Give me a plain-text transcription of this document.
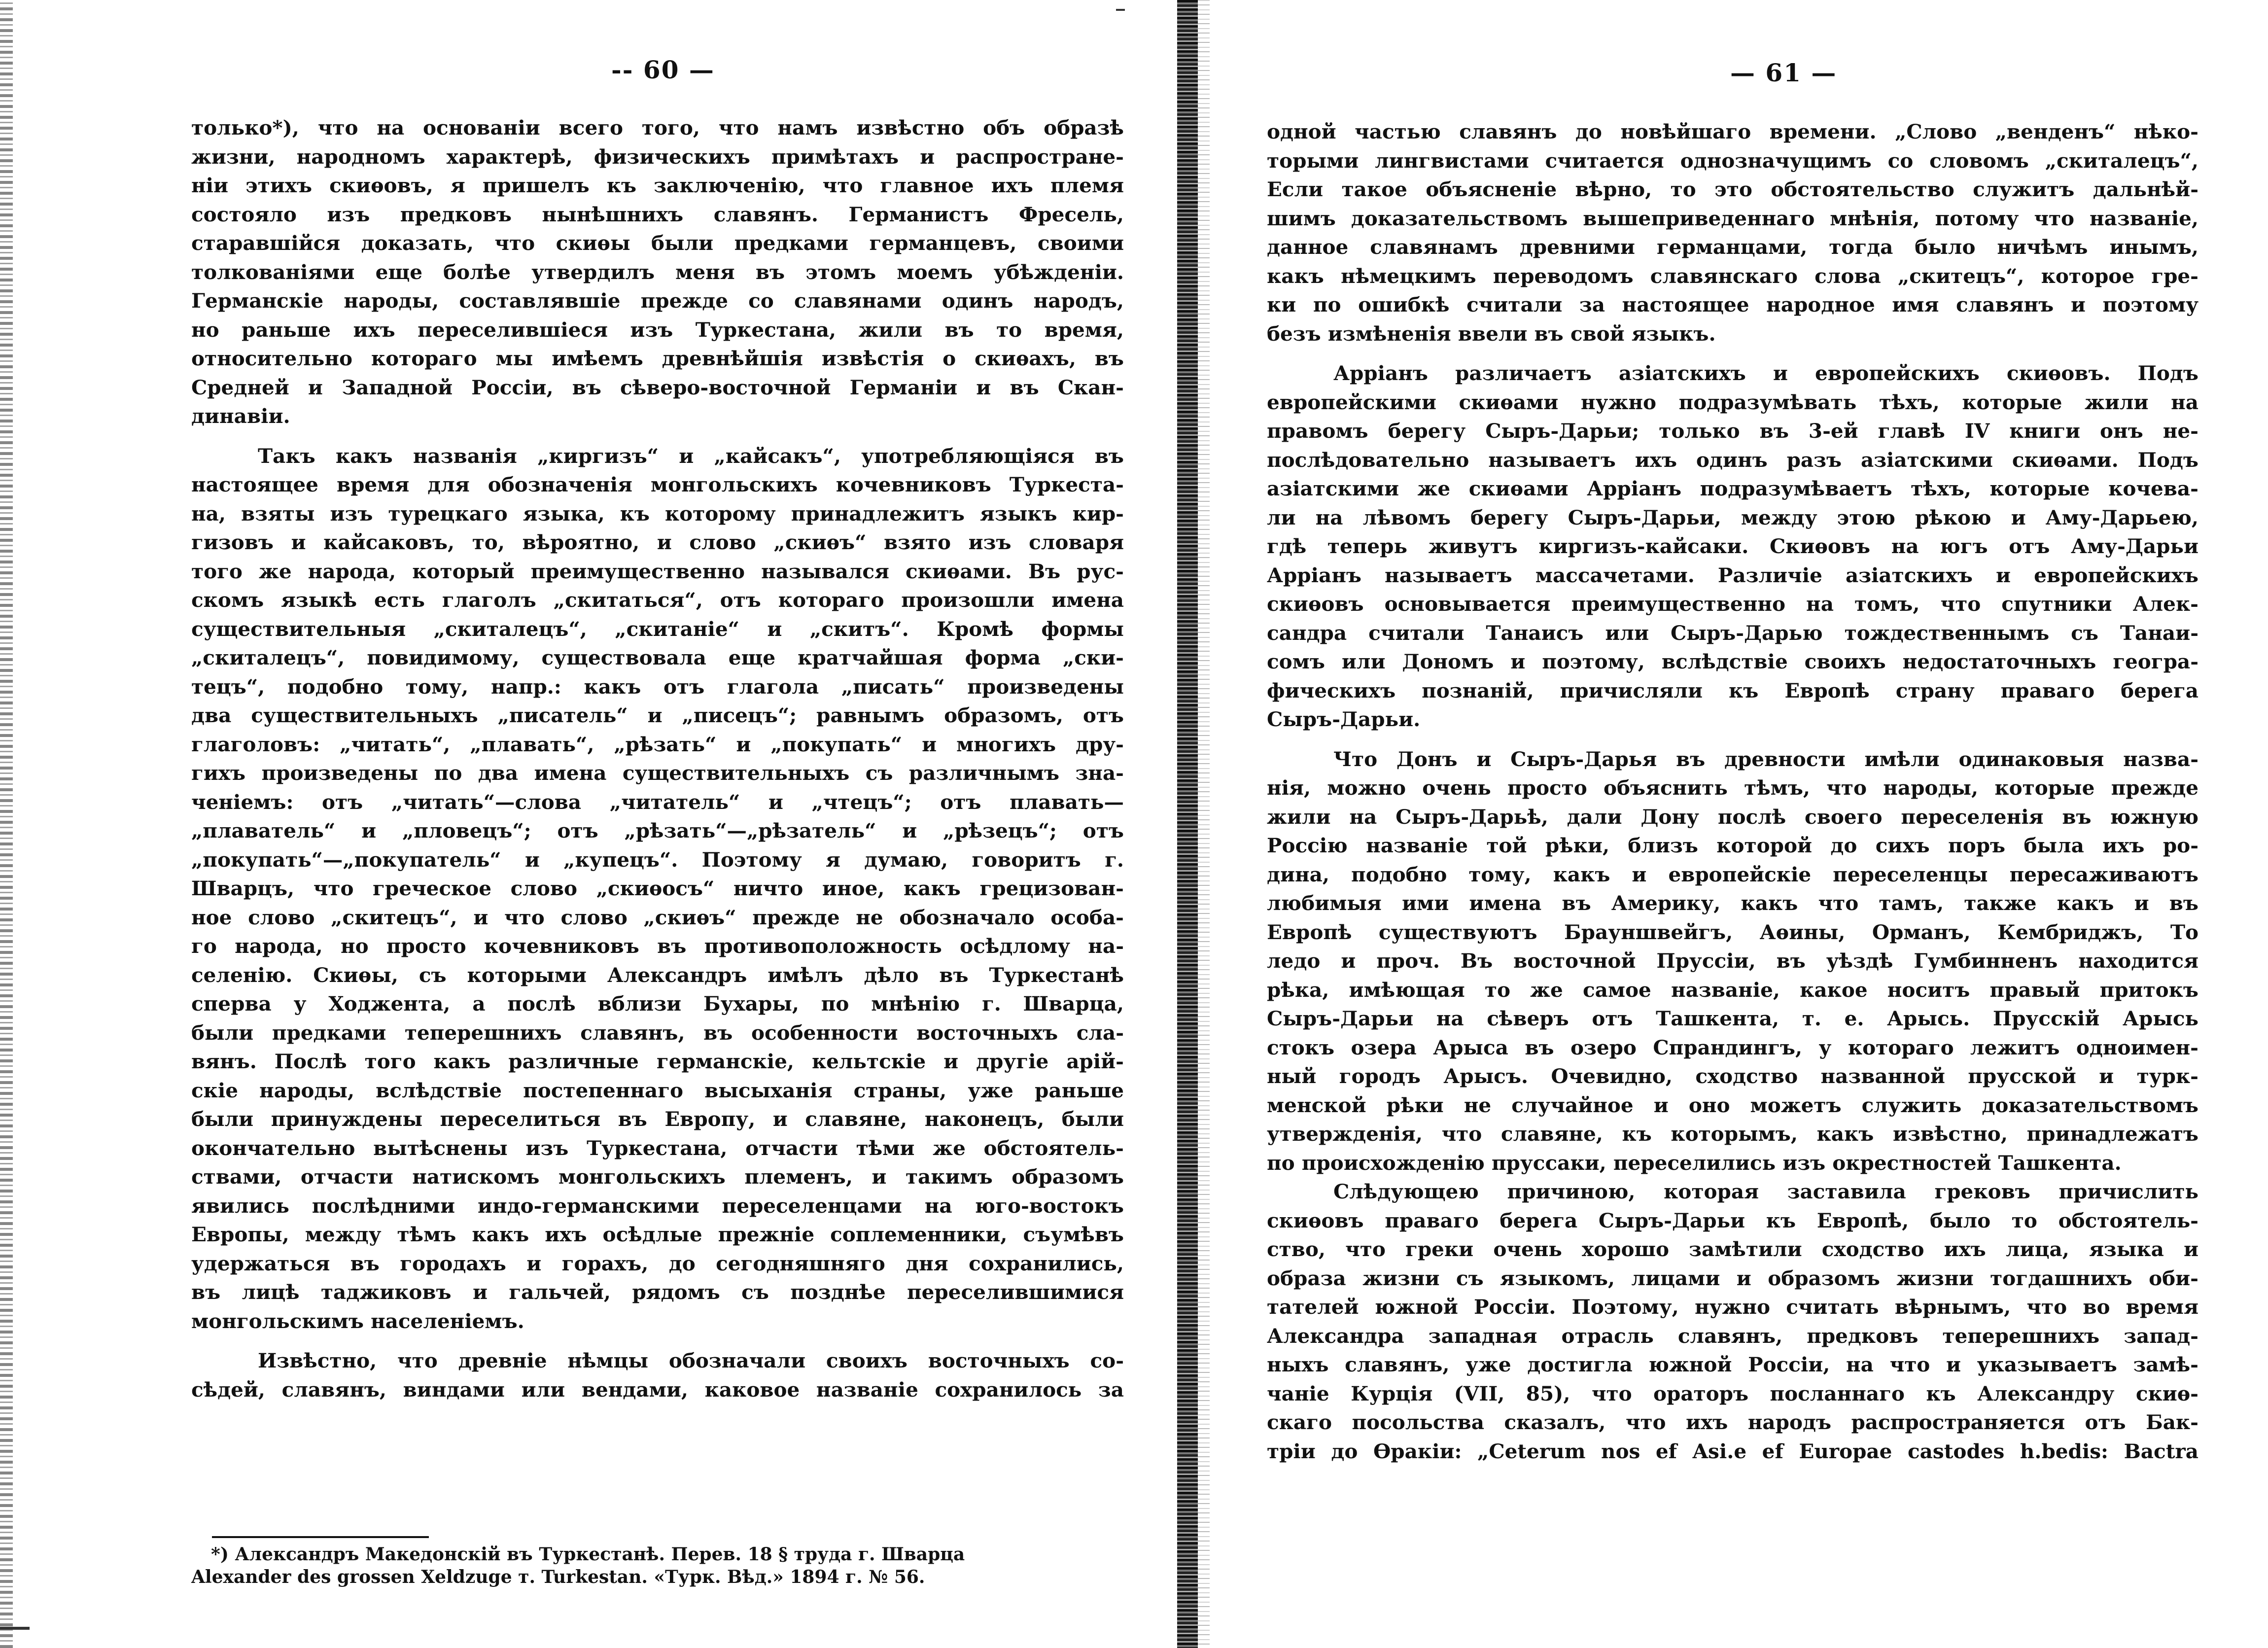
-- 60 —
только*), что на основаніи всего того, что намъ извѣстно объ образѣ
жизни, народномъ характерѣ, физическихъ примѣтахъ и распростране-
ніи этихъ скиѳовъ, я пришелъ къ заключенію, что главное ихъ племя
состояло изъ предковъ нынѣшнихъ славянъ. Германистъ Фресель,
старавшійся доказать, что скиѳы были предками германцевъ, своими
толкованіями еще болѣе утвердилъ меня въ этомъ моемъ убѣжденіи.
Германскіе народы, составлявшіе прежде со славянами одинъ народъ,
но раньше ихъ переселившіеся изъ Туркестана, жили въ то время,
относительно котораго мы имѣемъ древнѣйшія извѣстія о скиѳахъ, въ
Средней и Западной Россіи, въ сѣверо-восточной Германіи и въ Скан-
динавіи.
Такъ какъ названія „киргизъ“ и „кайсакъ“, употребляющіяся въ
настоящее время для обозначенія монгольскихъ кочевниковъ Туркеста-
на, взяты изъ турецкаго языка, къ которому принадлежитъ языкъ кир-
гизовъ и кайсаковъ, то, вѣроятно, и слово „скиѳъ“ взято изъ словаря
того же народа, который преимущественно назывался скиѳами. Въ рус-
скомъ языкѣ есть глаголъ „скитаться“, отъ котораго произошли имена
существительныя „скиталецъ“, „скитаніе“ и „скитъ“. Кромѣ формы
„скиталецъ“, повидимому, существовала еще кратчайшая форма „ски-
тецъ“, подобно тому, напр.: какъ отъ глагола „писать“ произведены
два существительныхъ „писатель“ и „писецъ“; равнымъ образомъ, отъ
глаголовъ: „читать“, „плавать“, „рѣзать“ и „покупать“ и многихъ дру-
гихъ произведены по два имена существительныхъ съ различнымъ зна-
ченіемъ: отъ „читать“—слова „читатель“ и „чтецъ“; отъ плавать—
„плаватель“ и „пловецъ“; отъ „рѣзать“—„рѣзатель“ и „рѣзецъ“; отъ
„покупать“—„покупатель“ и „купецъ“. Поэтому я думаю, говоритъ г.
Шварцъ, что греческое слово „скиѳосъ“ ничто иное, какъ грецизован-
ное слово „скитецъ“, и что слово „скиѳъ“ прежде не обозначало особа-
го народа, но просто кочевниковъ въ противоположность осѣдлому на-
селенію. Скиѳы, съ которыми Александръ имѣлъ дѣло въ Туркестанѣ
сперва у Ходжента, а послѣ вблизи Бухары, по мнѣнію г. Шварца,
были предками теперешнихъ славянъ, въ особенности восточныхъ сла-
вянъ. Послѣ того какъ различные германскіе, кельтскіе и другіе арій-
скіе народы, вслѣдствіе постепеннаго высыханія страны, уже раньше
были принуждены переселиться въ Европу, и славяне, наконецъ, были
окончательно вытѣснены изъ Туркестана, отчасти тѣми же обстоятель-
ствами, отчасти натискомъ монгольскихъ племенъ, и такимъ образомъ
явились послѣдними индо-германскими переселенцами на юго-востокъ
Европы, между тѣмъ какъ ихъ осѣдлые прежніе соплеменники, съумѣвъ
удержаться въ городахъ и горахъ, до сегодняшняго дня сохранились,
въ лицѣ таджиковъ и гальчей, рядомъ съ позднѣе переселившимися
монгольскимъ населеніемъ.
Извѣстно, что древніе нѣмцы обозначали своихъ восточныхъ со-
сѣдей, славянъ, виндами или вендами, каковое названіе сохранилось за
*) Александръ Македонскій въ Туркестанѣ. Перев. 18 § труда г. Шварца
Alexander des grossen Xeldzuge т. Turkestan. «Турк. Вѣд.» 1894 г. № 56.
— 61 —
одной частью славянъ до новѣйшаго времени. „Слово „венденъ“ нѣко-
торыми лингвистами считается однозначущимъ со словомъ „скиталецъ“,
Если такое объясненіе вѣрно, то это обстоятельство служитъ дальнѣй-
шимъ доказательствомъ вышеприведеннаго мнѣнія, потому что названіе,
данное славянамъ древними германцами, тогда было ничѣмъ инымъ,
какъ нѣмецкимъ переводомъ славянскаго слова „скитецъ“, которое гре-
ки по ошибкѣ считали за настоящее народное имя славянъ и поэтому
безъ измѣненія ввели въ свой языкъ.
Арріанъ различаетъ азіатскихъ и европейскихъ скиѳовъ. Подъ
европейскими скиѳами нужно подразумѣвать тѣхъ, которые жили на
правомъ берегу Сыръ-Дарьи; только въ 3-ей главѣ IV книги онъ не-
послѣдовательно называетъ ихъ одинъ разъ азіатскими скиѳами. Подъ
азіатскими же скиѳами Арріанъ подразумѣваетъ тѣхъ, которые кочева-
ли на лѣвомъ берегу Сыръ-Дарьи, между этою рѣкою и Аму-Дарьею,
гдѣ теперь живутъ киргизъ-кайсаки. Скиѳовъ на югъ отъ Аму-Дарьи
Арріанъ называетъ массачетами. Различіе азіатскихъ и европейскихъ
скиѳовъ основывается преимущественно на томъ, что спутники Алек-
сандра считали Танаисъ или Сыръ-Дарью тождественнымъ съ Танаи-
сомъ или Дономъ и поэтому, вслѣдствіе своихъ недостаточныхъ геогра-
фическихъ познаній, причисляли къ Европѣ страну праваго берега
Сыръ-Дарьи.
Что Донъ и Сыръ-Дарья въ древности имѣли одинаковыя назва-
нія, можно очень просто объяснить тѣмъ, что народы, которые прежде
жили на Сыръ-Дарьѣ, дали Дону послѣ своего переселенія въ южную
Россію названіе той рѣки, близъ которой до сихъ поръ была ихъ ро-
дина, подобно тому, какъ и европейскіе переселенцы пересаживаютъ
любимыя ими имена въ Америку, какъ что тамъ, также какъ и въ
Европѣ существуютъ Брауншвейгъ, Аѳины, Орманъ, Кембриджъ, То
ледо и проч. Въ восточной Пруссіи, въ уѣздѣ Гумбинненъ находится
рѣка, имѣющая то же самое названіе, какое носитъ правый притокъ
Сыръ-Дарьи на сѣверъ отъ Ташкента, т. е. Арысь. Прусскій Арысь
стокъ озера Арыса въ озеро Спрандингъ, у котораго лежитъ одноимен-
ный городъ Арысъ. Очевидно, сходство названной прусской и турк-
менской рѣки не случайное и оно можетъ служить доказательствомъ
утвержденія, что славяне, къ которымъ, какъ извѣстно, принадлежатъ
по происхожденію пруссаки, переселились изъ окрестностей Ташкента.
Слѣдующею причиною, которая заставила грековъ причислить
скиѳовъ праваго берега Сыръ-Дарьи къ Европѣ, было то обстоятель-
ство, что греки очень хорошо замѣтили сходство ихъ лица, языка и
образа жизни съ языкомъ, лицами и образомъ жизни тогдашнихъ оби-
тателей южной Россіи. Поэтому, нужно считать вѣрнымъ, что во время
Александра западная отрасль славянъ, предковъ теперешнихъ запад-
ныхъ славянъ, уже достигла южной Россіи, на что и указываетъ замѣ-
чаніе Курція (VII, 85), что ораторъ посланнаго къ Александру скиѳ-
скаго посольства сказалъ, что ихъ народъ распространяется отъ Бак-
тріи до Ѳракіи: „Ceterum nos ef Asi.e ef Europae castodes h.bedis: Bactra
